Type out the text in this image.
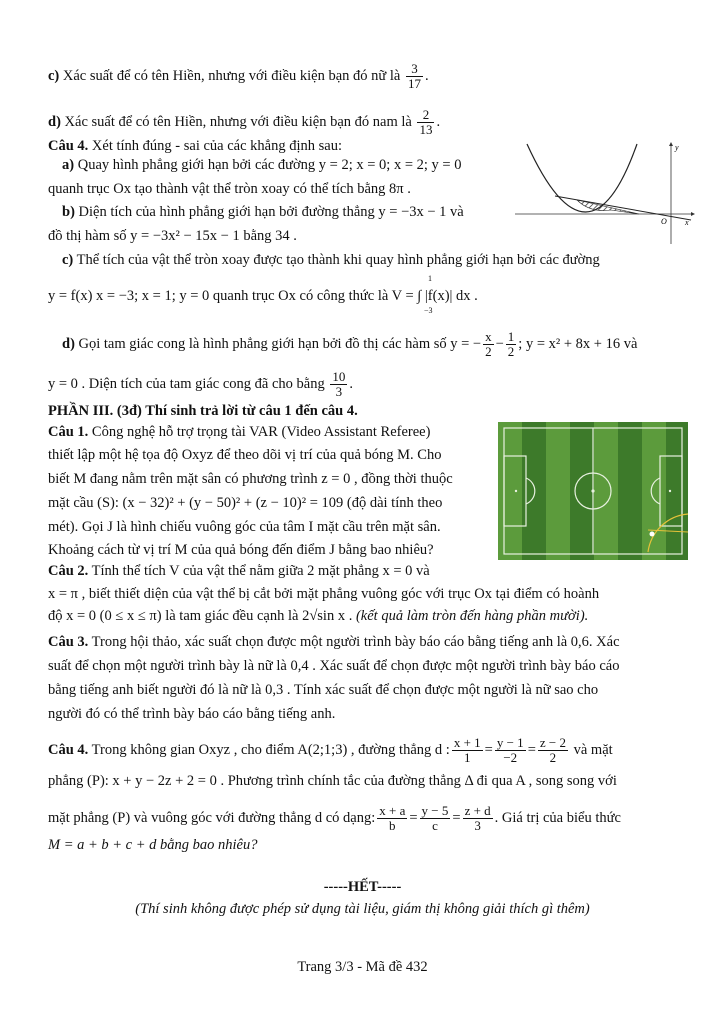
c) Xác suất để có tên Hiền, nhưng với điều kiện bạn đó nữ là $\frac{3}{17}$ .
d) Xác suất để có tên Hiền, nhưng với điều kiện bạn đó nam là $\frac{2}{13}$ .
Câu 4. Xét tính đúng - sai của các khẳng định sau:
a) Quay hình phẳng giới hạn bởi các đường y = 2; x = 0; x = 2; y = 0
quanh trục Ox tạo thành vật thể tròn xoay có thể tích bằng 8π .
b) Diện tích của hình phẳng giới hạn bởi đường thẳng y = −3x − 1 và
đồ thị hàm số y = −3x² − 15x − 1 bằng 34 .
y
x
O
c) Thể tích của vật thể tròn xoay được tạo thành khi quay hình phẳng giới hạn bởi các đường
y = f(x) x = −3; x = 1; y = 0 quanh trục Ox có công thức là V = ∫ |f(x)| dx .
1
−3
d) Gọi tam giác cong là hình phẳng giới hạn bởi đồ thị các hàm số y = − $\frac{x}{2} - \frac{1}{2}$ ; y = x² + 8x + 16 và
y = 0 . Diện tích của tam giác cong đã cho bằng $\frac{10}{3}$ .
PHẦN III. (3đ) Thí sinh trả lời từ câu 1 đến câu 4.
Câu 1. Công nghệ hỗ trợ trọng tài VAR (Video Assistant Referee)
thiết lập một hệ tọa độ Oxyz để theo dõi vị trí của quả bóng M. Cho
biết M đang nằm trên mặt sân có phương trình z = 0 , đồng thời thuộc
mặt cầu (S): (x − 32)² + (y − 50)² + (z − 10)² = 109 (độ dài tính theo
mét). Gọi J là hình chiếu vuông góc của tâm I mặt cầu trên mặt sân.
Khoảng cách từ vị trí M của quả bóng đến điểm J bằng bao nhiêu?
Câu 2. Tính thể tích V của vật thể nằm giữa 2 mặt phẳng x = 0 và
x = π , biết thiết diện của vật thể bị cắt bởi mặt phẳng vuông góc với trục Ox tại điểm có hoành
độ x = 0 (0 ≤ x ≤ π) là tam giác đều cạnh là 2√sin x . (kết quả làm tròn đến hàng phần mười).
Câu 3. Trong hội thảo, xác suất chọn được một người trình bày báo cáo bằng tiếng anh là 0,6. Xác
suất để chọn một người trình bày là nữ là 0,4 . Xác suất để chọn được một người trình bày báo cáo
bằng tiếng anh biết người đó là nữ là 0,3 . Tính xác suất để chọn được một người là nữ sao cho
người đó có thể trình bày báo cáo bằng tiếng anh.
Câu 4. Trong không gian Oxyz , cho điểm A(2;1;3) , đường thẳng d : $\frac{x + 1}{1} = \frac{y - 1}{-2} = \frac{z - 2}{2}$ và mặt
phẳng (P): x + y − 2z + 2 = 0 . Phương trình chính tắc của đường thẳng Δ đi qua A , song song với
mặt phẳng (P) và vuông góc với đường thẳng d có dạng: $\frac{x + a}{b} = \frac{y - 5}{c} = \frac{z + d}{3}$ . Giá trị của biểu thức
M = a + b + c + d bằng bao nhiêu?
-----HẾT-----
(Thí sinh không được phép sử dụng tài liệu, giám thị không giải thích gì thêm)
Trang 3/3 - Mã đề 432
